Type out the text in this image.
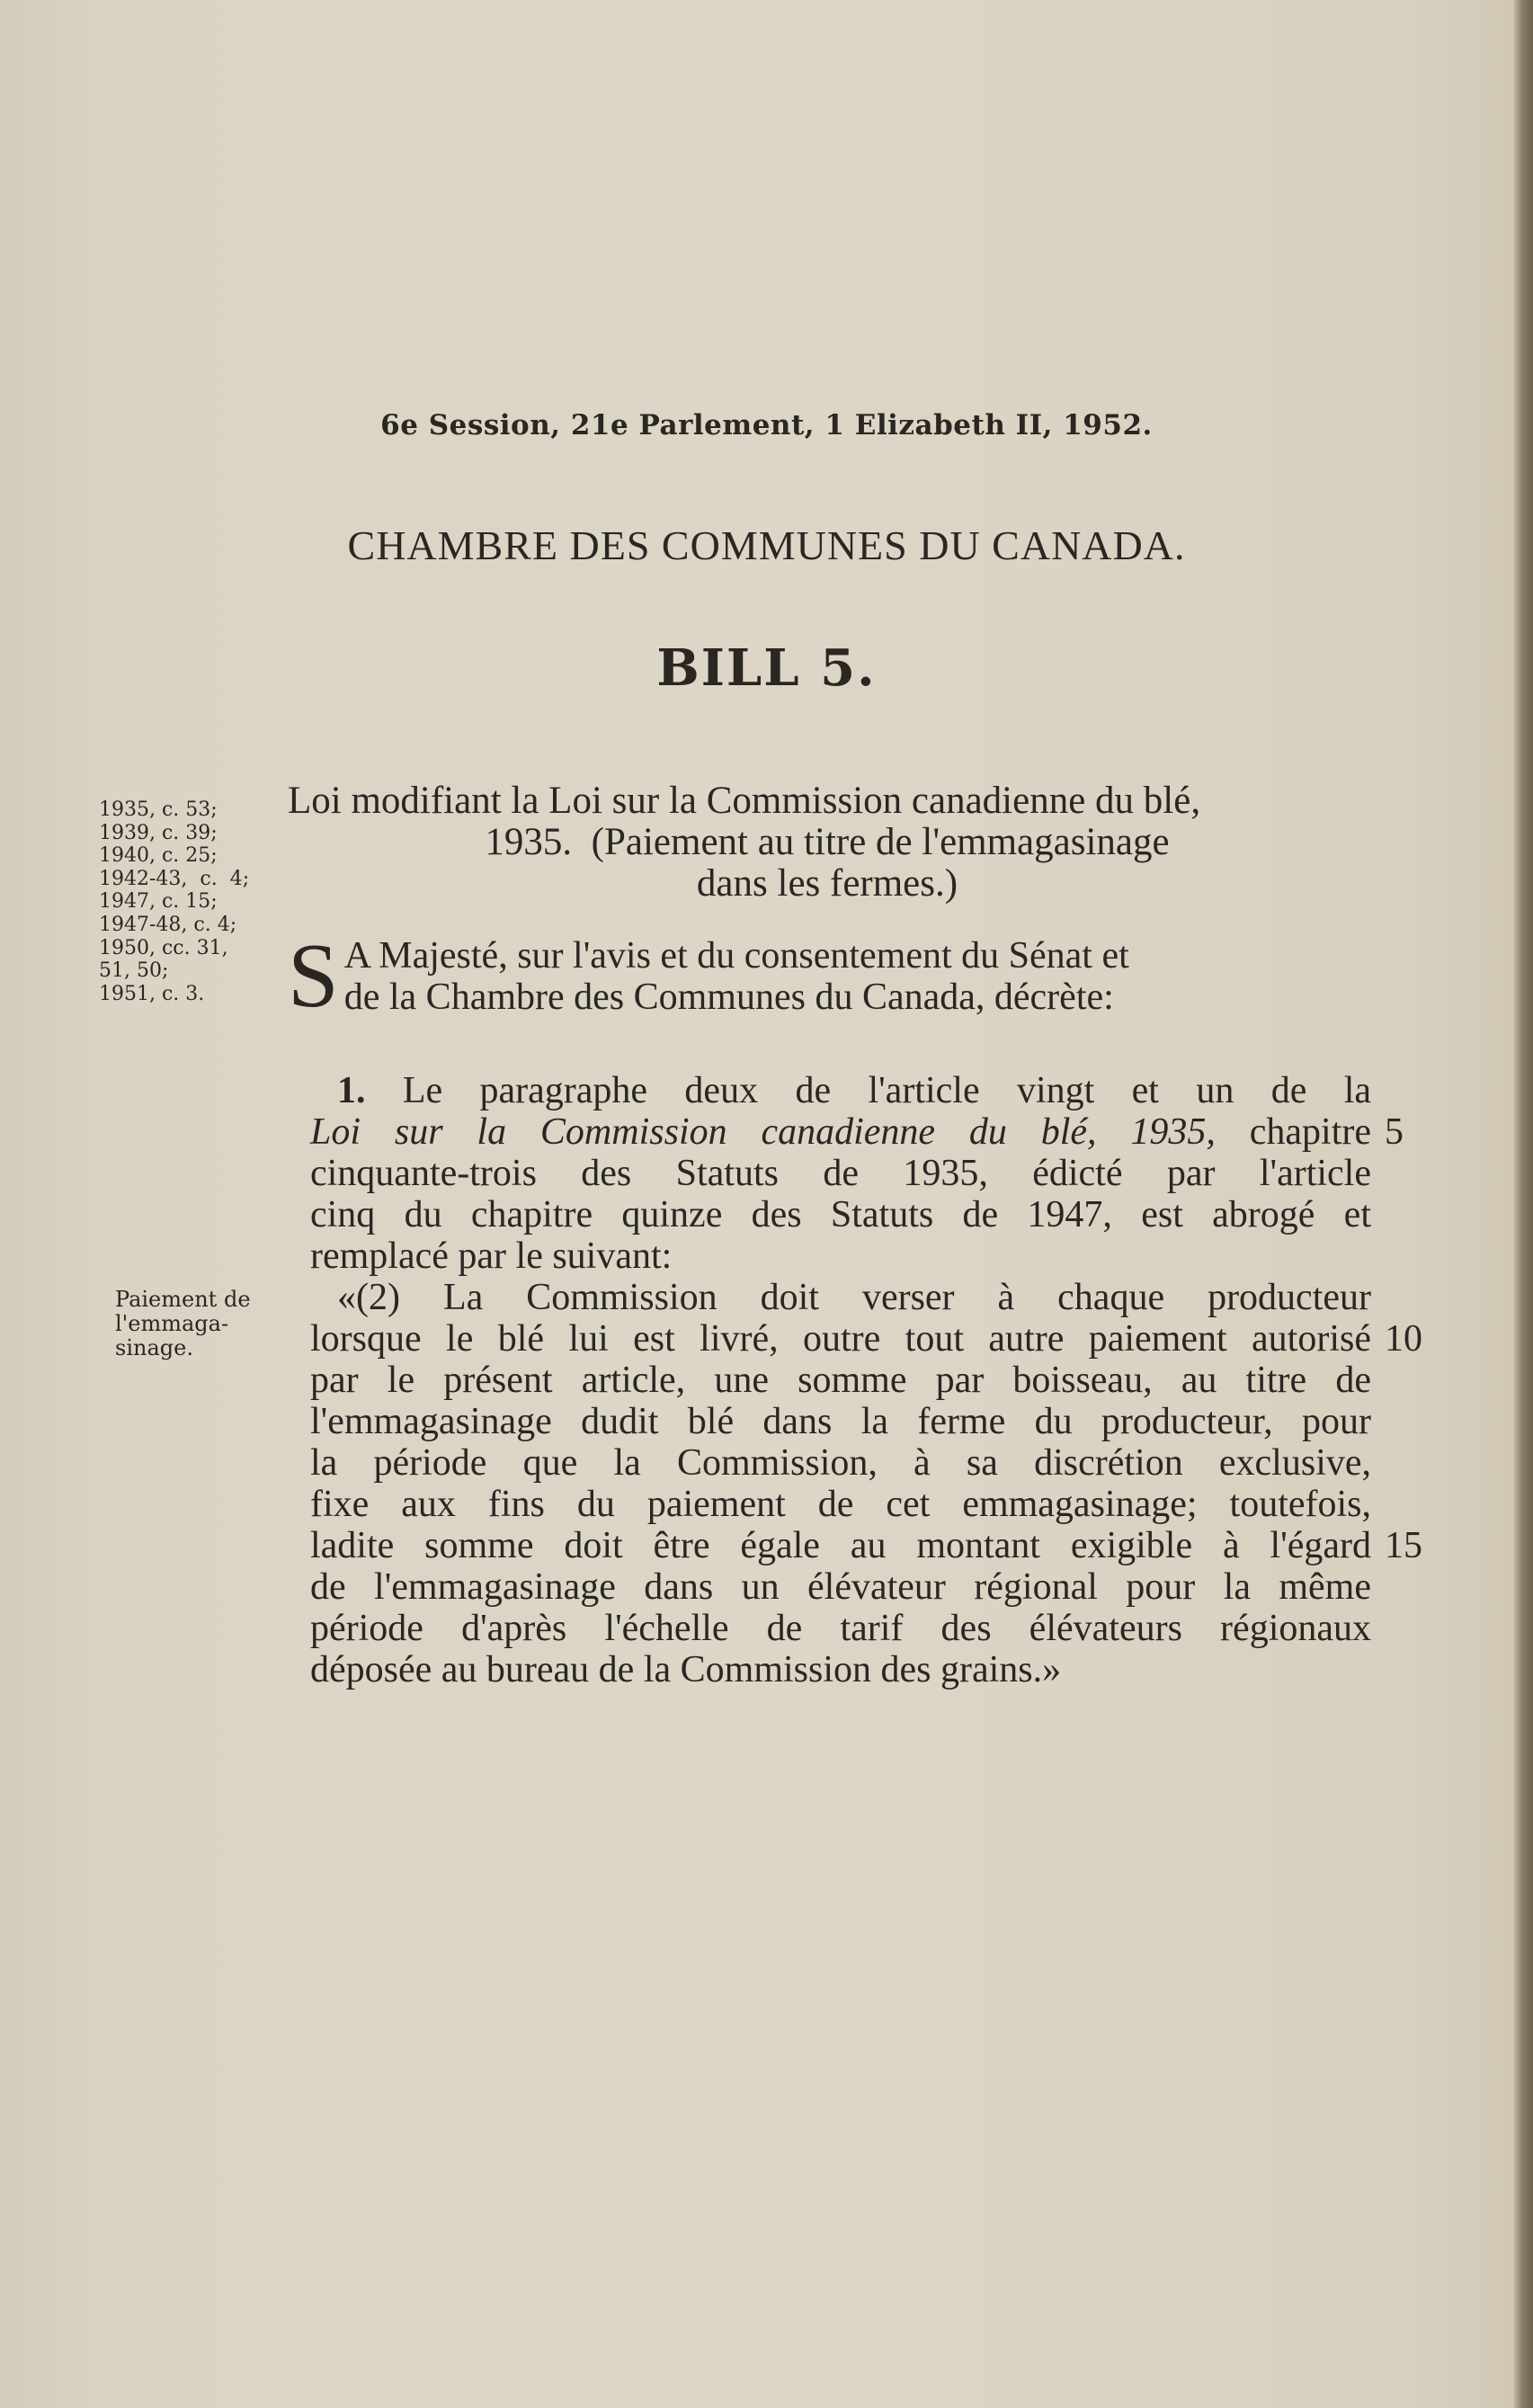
6e Session, 21e Parlement, 1 Elizabeth II, 1952.
CHAMBRE DES COMMUNES DU CANADA.
BILL 5.
1935, c. 53;
1939, c. 39;
1940, c. 25;
1942-43,  c.  4;
1947, c. 15;
1947-48, c. 4;
1950, cc. 31,
51, 50;
1951, c. 3.
Paiement de
l'emmaga-
sinage.
Loi modifiant la Loi sur la Commission canadienne du blé,
1935.  (Paiement au titre de l'emmagasinage
dans les fermes.)
S A Majesté, sur l'avis et du consentement du Sénat et
de la Chambre des Communes du Canada, décrète:
1. Le paragraphe deux de l'article vingt et un de la
Loi sur la Commission canadienne du blé, 1935, chapitre
cinquante-trois des Statuts de 1935, édicté par l'article
cinq du chapitre quinze des Statuts de 1947, est abrogé et
remplacé par le suivant:
«(2) La Commission doit verser à chaque producteur
lorsque le blé lui est livré, outre tout autre paiement autorisé
par le présent article, une somme par boisseau, au titre de
l'emmagasinage dudit blé dans la ferme du producteur, pour
la période que la Commission, à sa discrétion exclusive,
fixe aux fins du paiement de cet emmagasinage; toutefois,
ladite somme doit être égale au montant exigible à l'égard
de l'emmagasinage dans un élévateur régional pour la même
période d'après l'échelle de tarif des élévateurs régionaux
déposée au bureau de la Commission des grains.»
5
10
15
